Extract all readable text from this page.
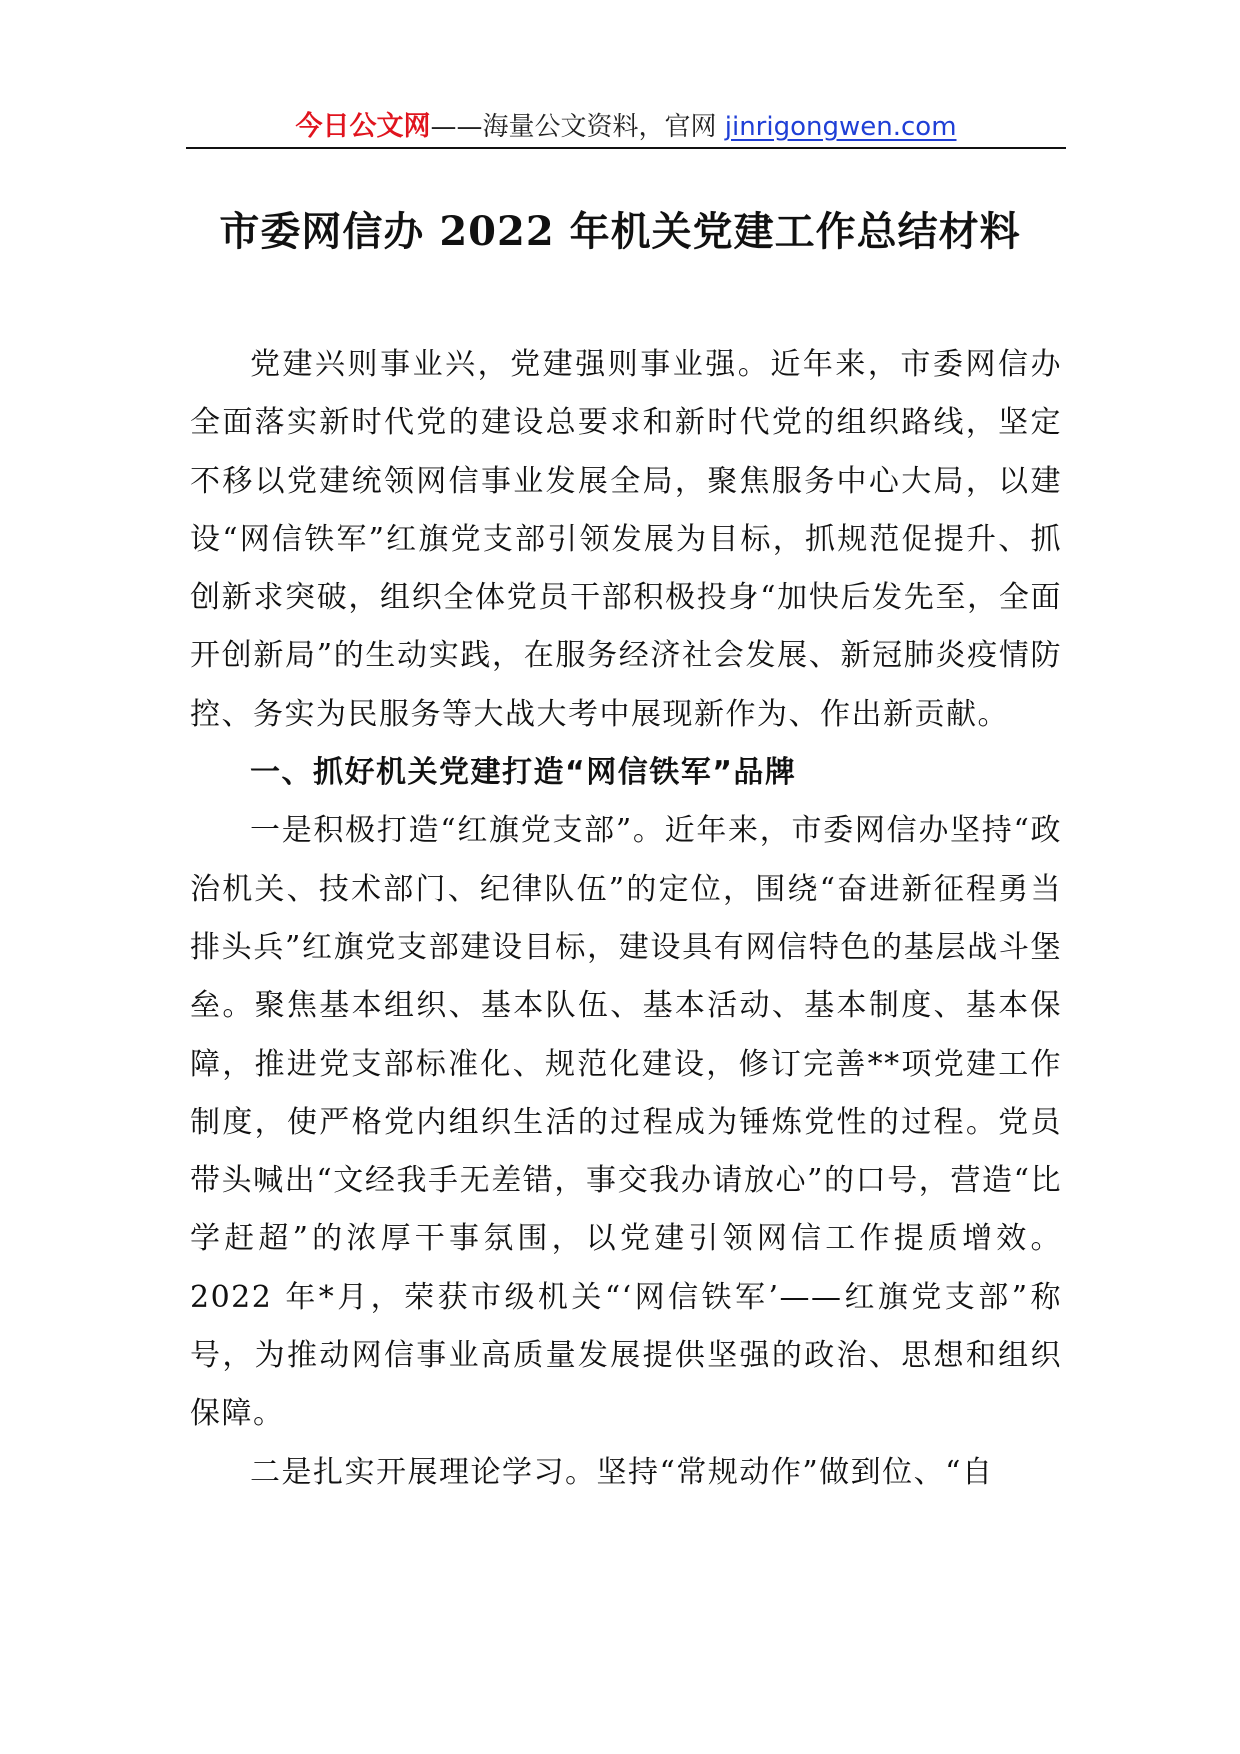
今日公文网——海量公文资料，官网 jinrigongwen.com
市委网信办 2022 年机关党建工作总结材料

党建兴则事业兴，党建强则事业强。近年来，市委网信办全面落实新时代党的建设总要求和新时代党的组织路线，坚定不移以党建统领网信事业发展全局，聚焦服务中心大局，以建设“网信铁军”红旗党支部引领发展为目标，抓规范促提升、抓创新求突破，组织全体党员干部积极投身“加快后发先至，全面开创新局”的生动实践，在服务经济社会发展、新冠肺炎疫情防控、务实为民服务等大战大考中展现新作为、作出新贡献。

一、抓好机关党建打造“网信铁军”品牌

一是积极打造“红旗党支部”。近年来，市委网信办坚持“政治机关、技术部门、纪律队伍”的定位，围绕“奋进新征程勇当排头兵”红旗党支部建设目标，建设具有网信特色的基层战斗堡垒。聚焦基本组织、基本队伍、基本活动、基本制度、基本保障，推进党支部标准化、规范化建设，修订完善**项党建工作制度，使严格党内组织生活的过程成为锤炼党性的过程。党员带头喊出“文经我手无差错，事交我办请放心”的口号，营造“比学赶超”的浓厚干事氛围，以党建引领网信工作提质增效。2022 年*月，荣获市级机关“‘网信铁军’——红旗党支部”称号，为推动网信事业高质量发展提供坚强的政治、思想和组织保障。

二是扎实开展理论学习。坚持“常规动作”做到位、“自
